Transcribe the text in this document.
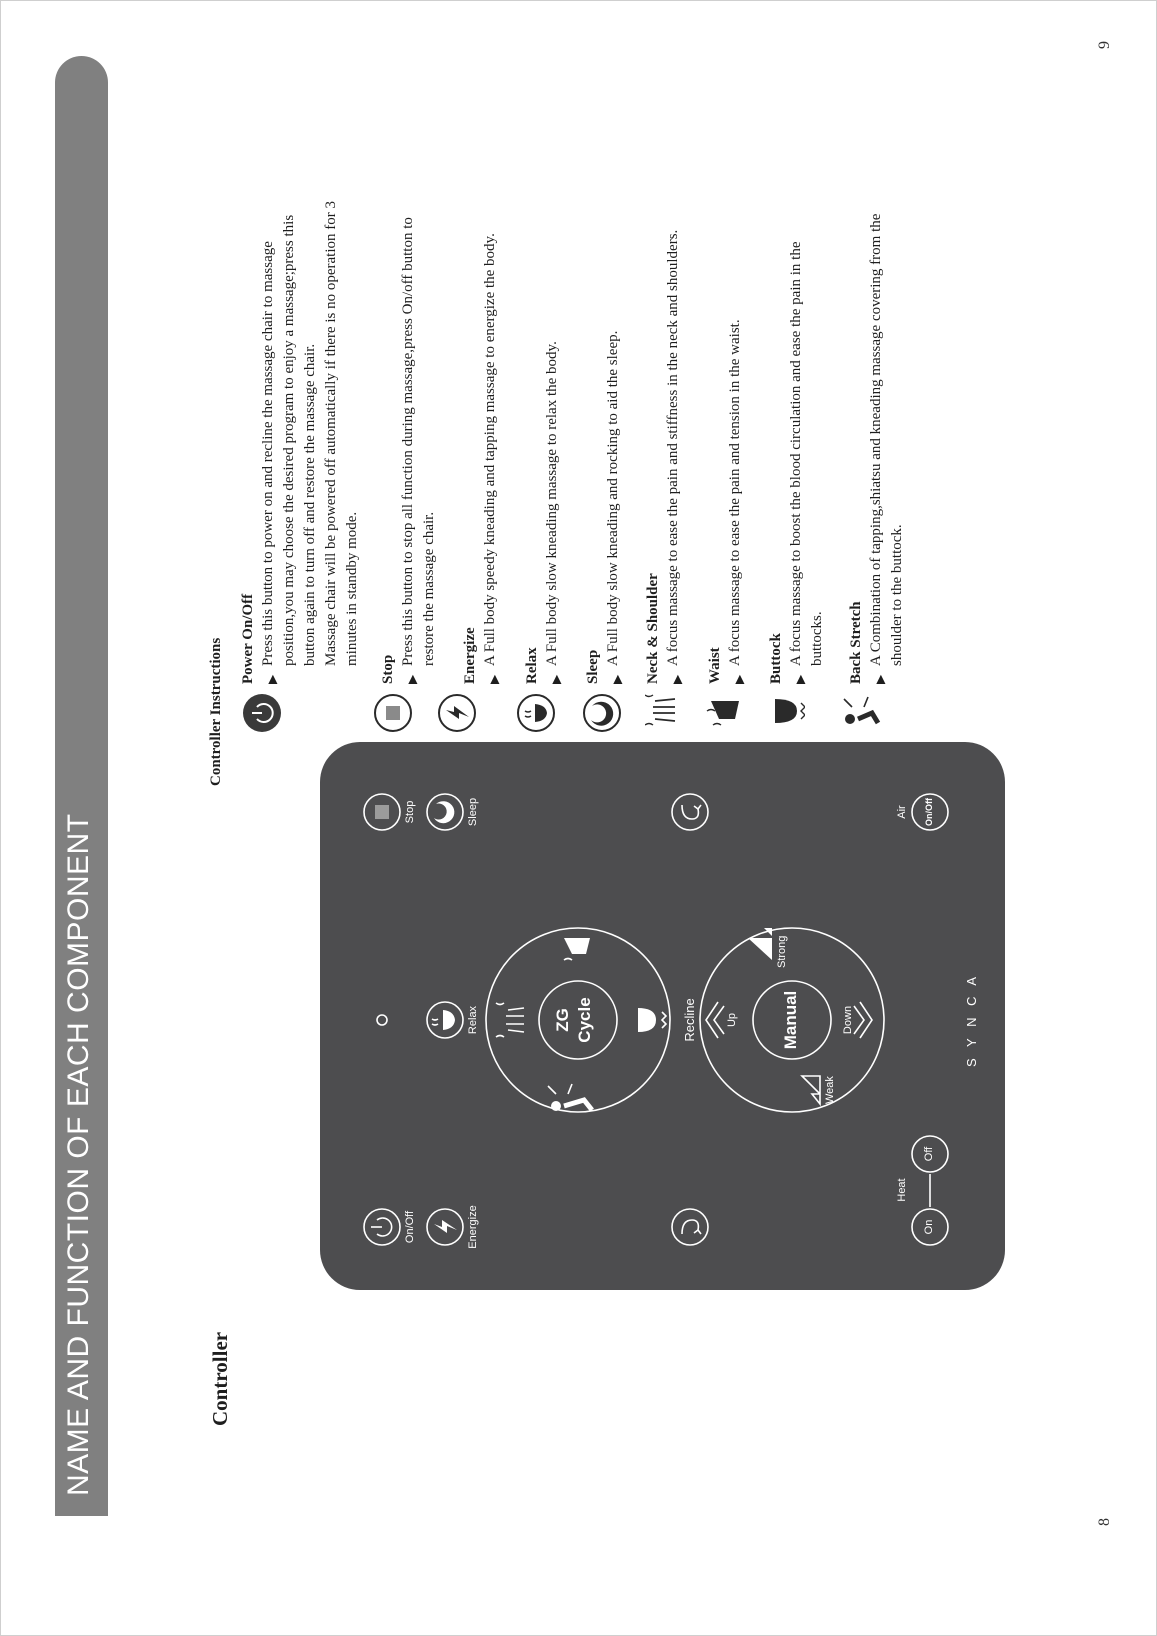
NAME AND FUNCTION OF EACH COMPONENT
8
9
Controller
On/Off
Stop
Energize
Relax
Sleep
ZG Cycle	Recline	Up	Manual	Down
Weak
Strong
Heat
On
Off
Air On/Off
S Y N C A
Controller Instructions Power On/Off ▶
Press this button to power on and recline the massage chair to massage position,you may choose the desired program to enjoy a massage;press this button again to turn off and restore the massage chair. Massage chair will be powered off automatically if there is no operation for 3 minutes in standby mode.
Stop ▶
Press this button to stop all function during massage,press On/off button to restore the massage chair. Energize ▶
A Full body speedy kneading and tapping massage to energize the body. Relax ▶
A Full body slow kneading massage to relax the body.
Sleep ▶
A Full body slow kneading and rocking to aid the sleep. Neck & Shoulder ▶
A focus massage to ease the pain and stiffness in the neck and shoulders. Waist ▶
A focus massage to ease the pain and tension in the waist. Buttock ▶
A focus massage to boost the blood circulation and ease the pain in the buttocks. Back Stretch ▶
A Combination of tapping,shiatsu and kneading massage covering from the shoulder to the buttock.
